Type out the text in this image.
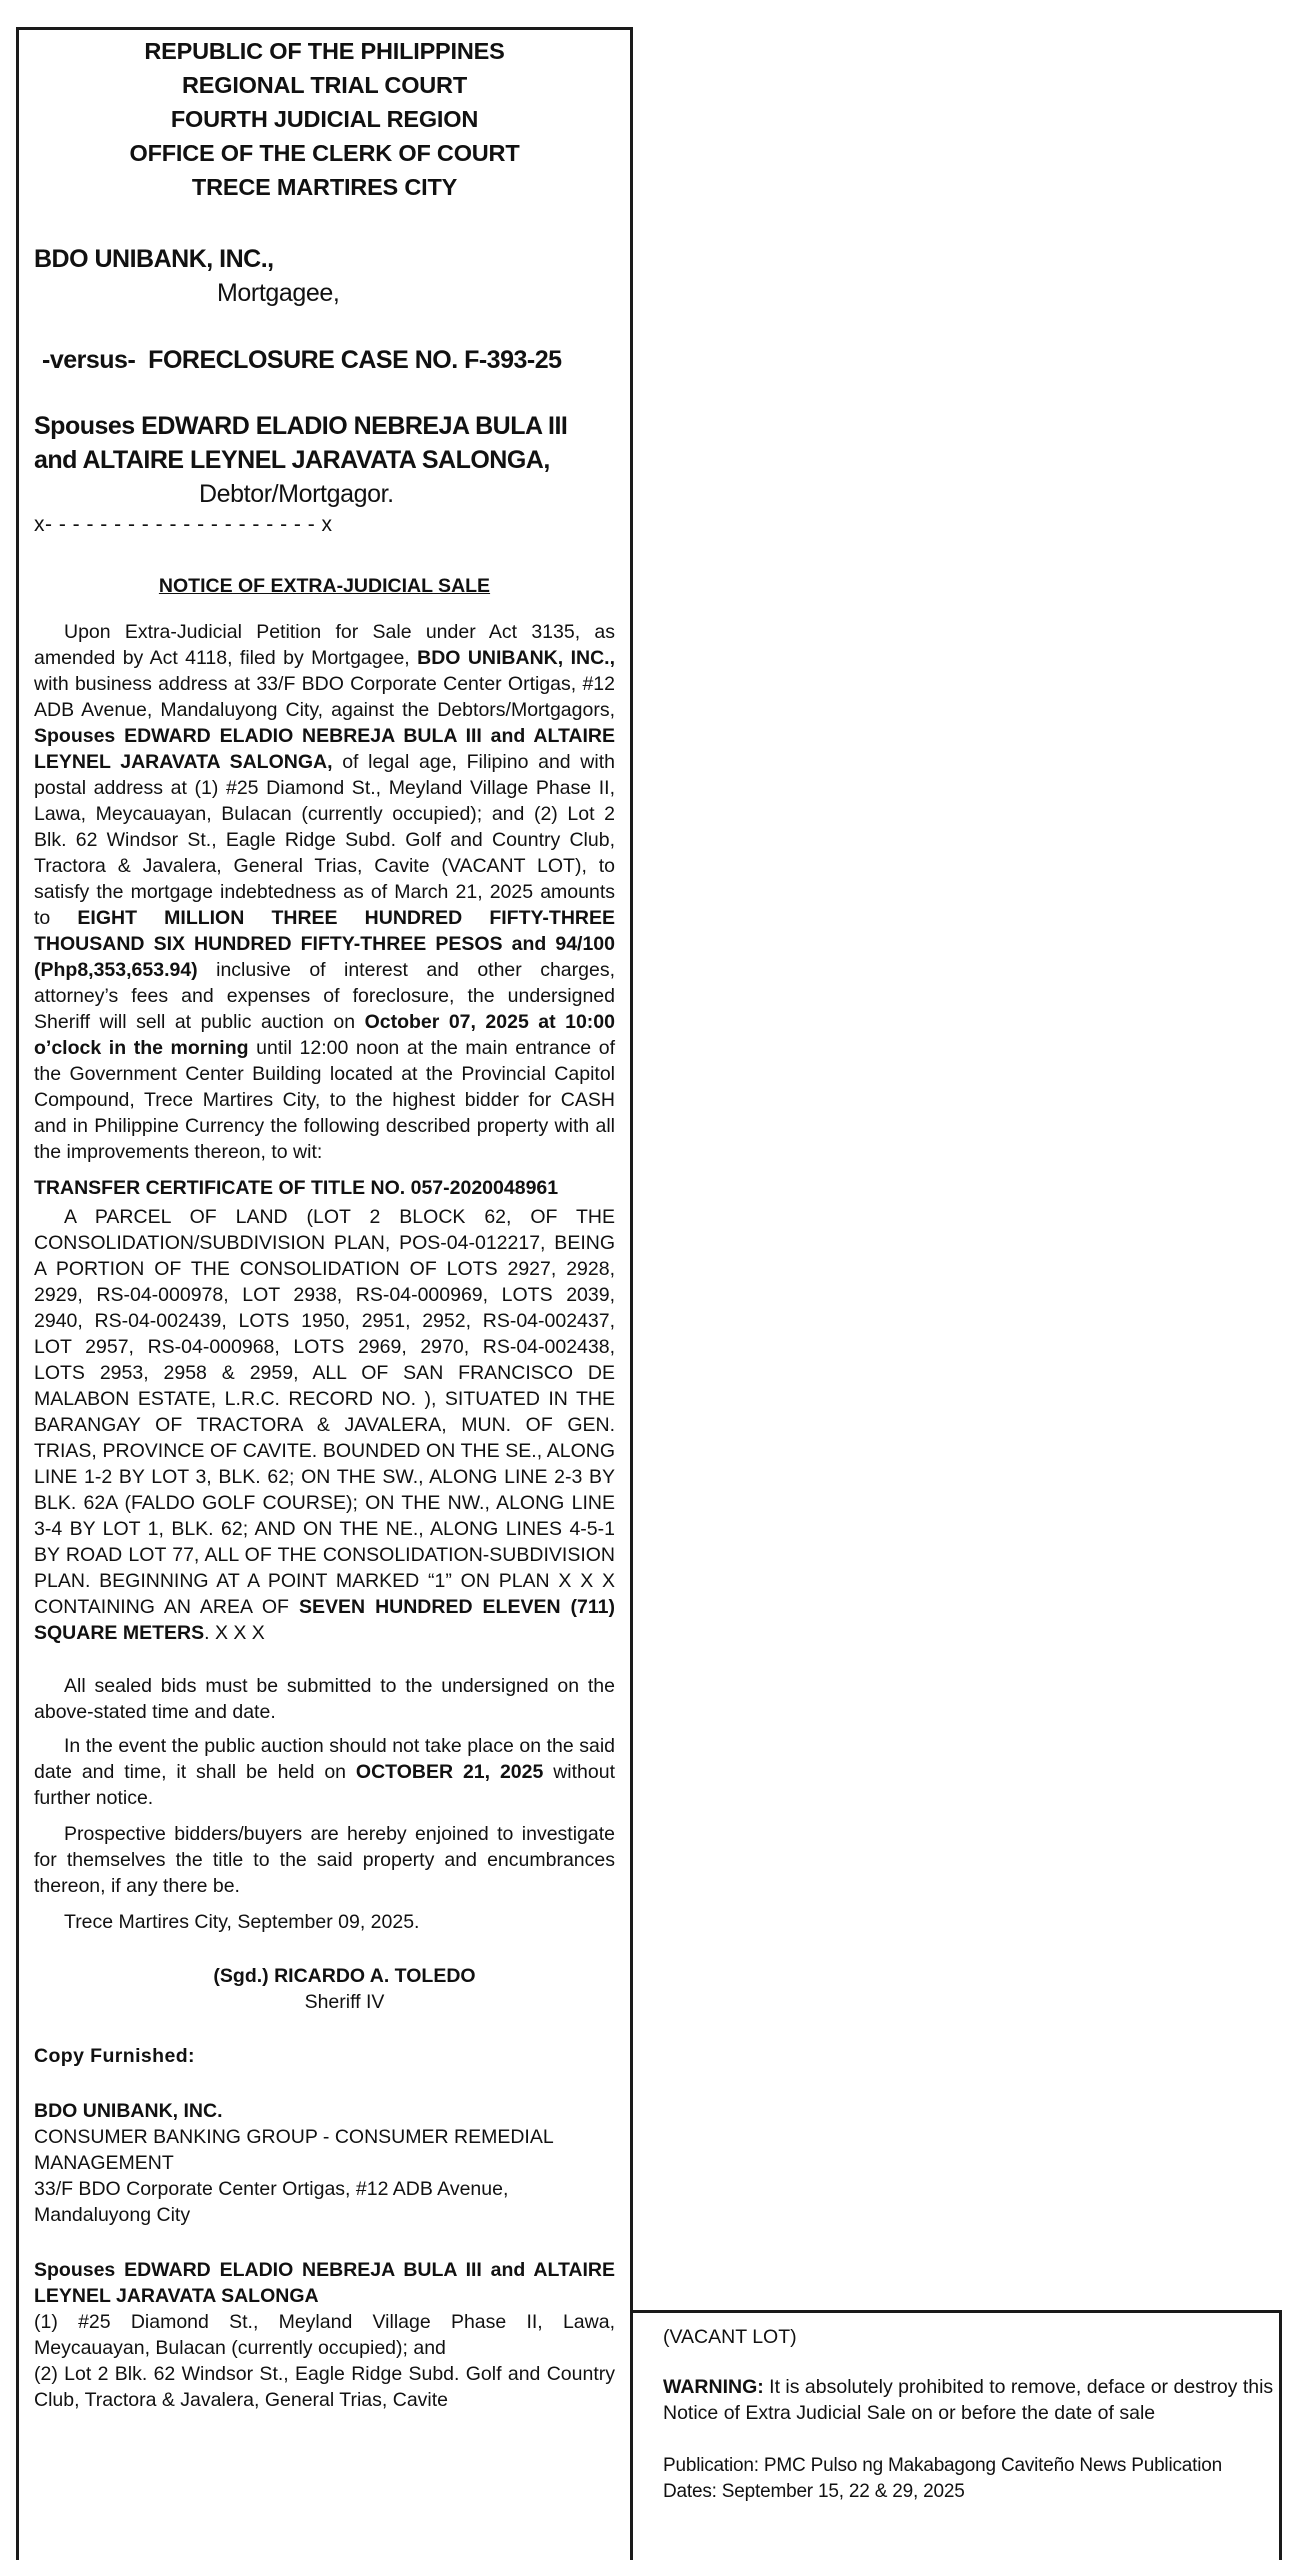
REPUBLIC OF THE PHILIPPINES
REGIONAL TRIAL COURT
FOURTH JUDICIAL REGION
OFFICE OF THE CLERK OF COURT
TRECE MARTIRES CITY
BDO UNIBANK, INC.,
Mortgagee,
-versus- FORECLOSURE CASE NO. F-393-25
Spouses EDWARD ELADIO NEBREJA BULA III
and ALTAIRE LEYNEL JARAVATA SALONGA,
Debtor/Mortgagor.
x- - - - - - - - - - - - - - - - - - - - x
NOTICE OF EXTRA-JUDICIAL SALE
Upon Extra-Judicial Petition for Sale under Act 3135, as amended by Act 4118, filed by Mortgagee, BDO UNIBANK, INC., with business address at 33/F BDO Corporate Center Ortigas, #12 ADB Avenue, Mandaluyong City, against the Debtors/Mortgagors, Spouses EDWARD ELADIO NEBREJA BULA III and ALTAIRE LEYNEL JARAVATA SALONGA, of legal age, Filipino and with postal address at (1) #25 Diamond St., Meyland Village Phase II, Lawa, Meycauayan, Bulacan (currently occupied); and (2) Lot 2 Blk. 62 Windsor St., Eagle Ridge Subd. Golf and Country Club, Tractora & Javalera, General Trias, Cavite (VACANT LOT), to satisfy the mortgage indebtedness as of March 21, 2025 amounts to EIGHT MILLION THREE HUNDRED FIFTY-THREE THOUSAND SIX HUNDRED FIFTY-THREE PESOS and 94/100 (Php8,353,653.94) inclusive of interest and other charges, attorney’s fees and expenses of foreclosure, the undersigned Sheriff will sell at public auction on October 07, 2025 at 10:00 o’clock in the morning until 12:00 noon at the main entrance of the Government Center Building located at the Provincial Capitol Compound, Trece Martires City, to the highest bidder for CASH and in Philippine Currency the following described property with all the improvements thereon, to wit:
TRANSFER CERTIFICATE OF TITLE NO. 057-2020048961
A PARCEL OF LAND (LOT 2 BLOCK 62, OF THE CONSOLIDATION/SUBDIVISION PLAN, POS-04-012217, BEING A PORTION OF THE CONSOLIDATION OF LOTS 2927, 2928, 2929, RS-04-000978, LOT 2938, RS-04-000969, LOTS 2039, 2940, RS-04-002439, LOTS 1950, 2951, 2952, RS-04-002437, LOT 2957, RS-04-000968, LOTS 2969, 2970, RS-04-002438, LOTS 2953, 2958 & 2959, ALL OF SAN FRANCISCO DE MALABON ESTATE, L.R.C. RECORD NO. ), SITUATED IN THE BARANGAY OF TRACTORA & JAVALERA, MUN. OF GEN. TRIAS, PROVINCE OF CAVITE. BOUNDED ON THE SE., ALONG LINE 1-2 BY LOT 3, BLK. 62; ON THE SW., ALONG LINE 2-3 BY BLK. 62A (FALDO GOLF COURSE); ON THE NW., ALONG LINE 3-4 BY LOT 1, BLK. 62; AND ON THE NE., ALONG LINES 4-5-1 BY ROAD LOT 77, ALL OF THE CONSOLIDATION-SUBDIVISION PLAN. BEGINNING AT A POINT MARKED “1” ON PLAN X X X CONTAINING AN AREA OF SEVEN HUNDRED ELEVEN (711) SQUARE METERS. X X X
All sealed bids must be submitted to the undersigned on the above-stated time and date.
In the event the public auction should not take place on the said date and time, it shall be held on OCTOBER 21, 2025 without further notice.
Prospective bidders/buyers are hereby enjoined to investigate for themselves the title to the said property and encumbrances thereon, if any there be.
Trece Martires City, September 09, 2025.
(Sgd.) RICARDO A. TOLEDO
Sheriff IV
Copy Furnished:
BDO UNIBANK, INC.
CONSUMER BANKING GROUP - CONSUMER REMEDIAL MANAGEMENT
33/F BDO Corporate Center Ortigas, #12 ADB Avenue, Mandaluyong City
Spouses EDWARD ELADIO NEBREJA BULA III and ALTAIRE LEYNEL JARAVATA SALONGA
(1) #25 Diamond St., Meyland Village Phase II, Lawa, Meycauayan, Bulacan (currently occupied); and
(2) Lot 2 Blk. 62 Windsor St., Eagle Ridge Subd. Golf and Country Club, Tractora & Javalera, General Trias, Cavite
(VACANT LOT)
WARNING: It is absolutely prohibited to remove, deface or destroy this Notice of Extra Judicial Sale on or before the date of sale
Publication: PMC Pulso ng Makabagong Caviteño News Publication
Dates: September 15, 22 & 29, 2025
